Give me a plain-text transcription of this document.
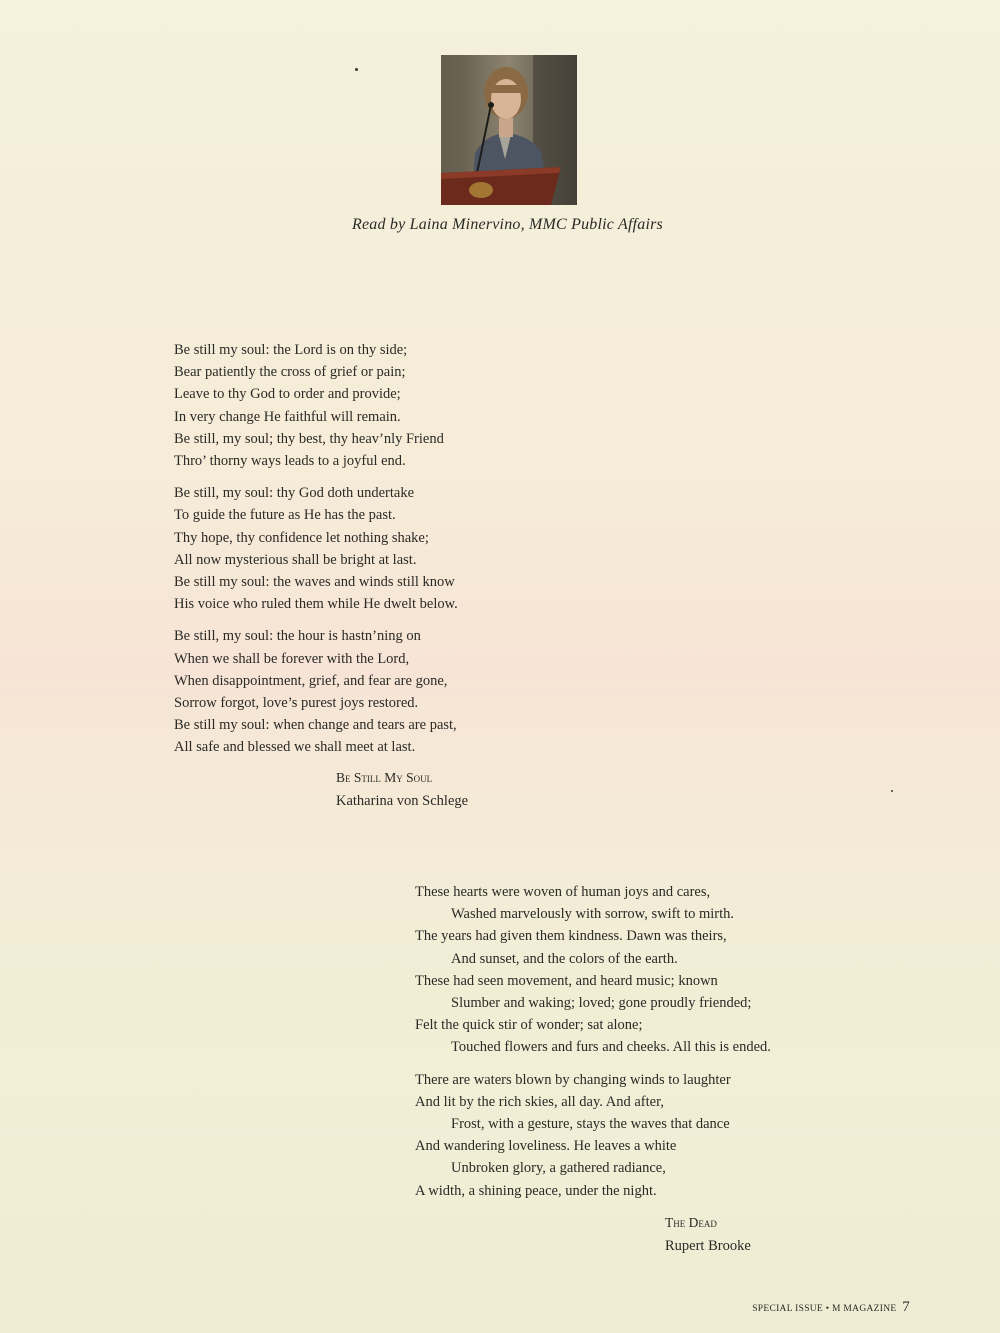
Read by Laina Minervino, MMC Public Affairs
Be still my soul: the Lord is on thy side;
Bear patiently the cross of grief or pain;
Leave to thy God to order and provide;
In very change He faithful will remain.
Be still, my soul; thy best, thy heav’nly Friend
Thro’ thorny ways leads to a joyful end.
Be still, my soul: thy God doth undertake
To guide the future as He has the past.
Thy hope, thy confidence let nothing shake;
All now mysterious shall be bright at last.
Be still my soul: the waves and winds still know
His voice who ruled them while He dwelt below.
Be still, my soul: the hour is hastn’ning on
When we shall be forever with the Lord,
When disappointment, grief, and fear are gone,
Sorrow forgot, love’s purest joys restored.
Be still my soul: when change and tears are past,
All safe and blessed we shall meet at last.
Be Still My Soul
Katharina von Schlege
These hearts were woven of human joys and cares,
Washed marvelously with sorrow, swift to mirth.
The years had given them kindness. Dawn was theirs,
And sunset, and the colors of the earth.
These had seen movement, and heard music; known
Slumber and waking; loved; gone proudly friended;
Felt the quick stir of wonder; sat alone;
Touched flowers and furs and cheeks. All this is ended.
There are waters blown by changing winds to laughter
And lit by the rich skies, all day. And after,
Frost, with a gesture, stays the waves that dance
And wandering loveliness. He leaves a white
Unbroken glory, a gathered radiance,
A width, a shining peace, under the night.
The Dead
Rupert Brooke
SPECIAL ISSUE • M MAGAZINE 7
